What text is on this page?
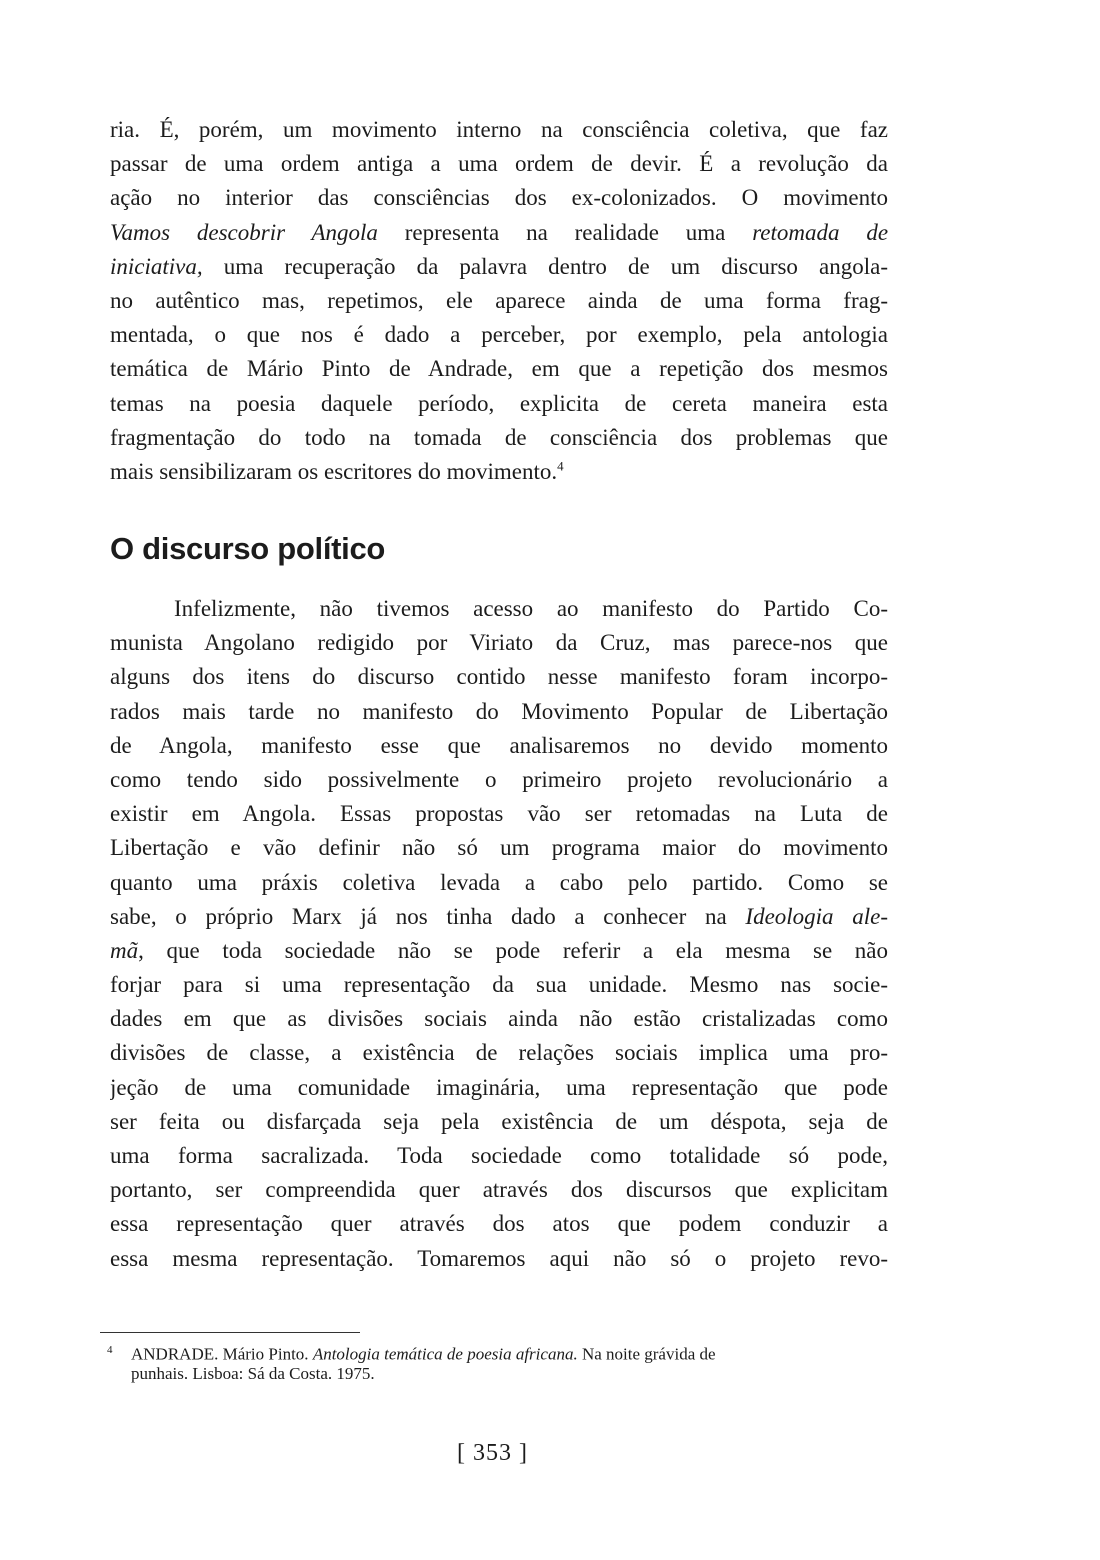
ria. É, porém, um movimento interno na consciência coletiva, que faz
passar de uma ordem antiga a uma ordem de devir. É a revolução da
ação no interior das consciências dos ex-colonizados. O movimento
Vamos descobrir Angola representa na realidade uma retomada de
iniciativa, uma recuperação da palavra dentro de um discurso angola-
no autêntico mas, repetimos, ele aparece ainda de uma forma frag-
mentada, o que nos é dado a perceber, por exemplo, pela antologia
temática de Mário Pinto de Andrade, em que a repetição dos mesmos
temas na poesia daquele período, explicita de cereta maneira esta
fragmentação do todo na tomada de consciência dos problemas que
mais sensibilizaram os escritores do movimento.$^4$
O discurso político
Infelizmente, não tivemos acesso ao manifesto do Partido Co-
munista Angolano redigido por Viriato da Cruz, mas parece-nos que
alguns dos itens do discurso contido nesse manifesto foram incorpo-
rados mais tarde no manifesto do Movimento Popular de Libertação
de Angola, manifesto esse que analisaremos no devido momento
como tendo sido possivelmente o primeiro projeto revolucionário a
existir em Angola. Essas propostas vão ser retomadas na Luta de
Libertação e vão definir não só um programa maior do movimento
quanto uma práxis coletiva levada a cabo pelo partido. Como se
sabe, o próprio Marx já nos tinha dado a conhecer na Ideologia ale-
mã, que toda sociedade não se pode referir a ela mesma se não
forjar para si uma representação da sua unidade. Mesmo nas socie-
dades em que as divisões sociais ainda não estão cristalizadas como
divisões de classe, a existência de relações sociais implica uma pro-
jeção de uma comunidade imaginária, uma representação que pode
ser feita ou disfarçada seja pela existência de um déspota, seja de
uma forma sacralizada. Toda sociedade como totalidade só pode,
portanto, ser compreendida quer através dos discursos que explicitam
essa representação quer através dos atos que podem conduzir a
essa mesma representação. Tomaremos aqui não só o projeto revo-
4 ANDRADE. Mário Pinto. Antologia temática de poesia africana. Na noite grávida de
punhais. Lisboa: Sá da Costa. 1975.
[ 353 ]
